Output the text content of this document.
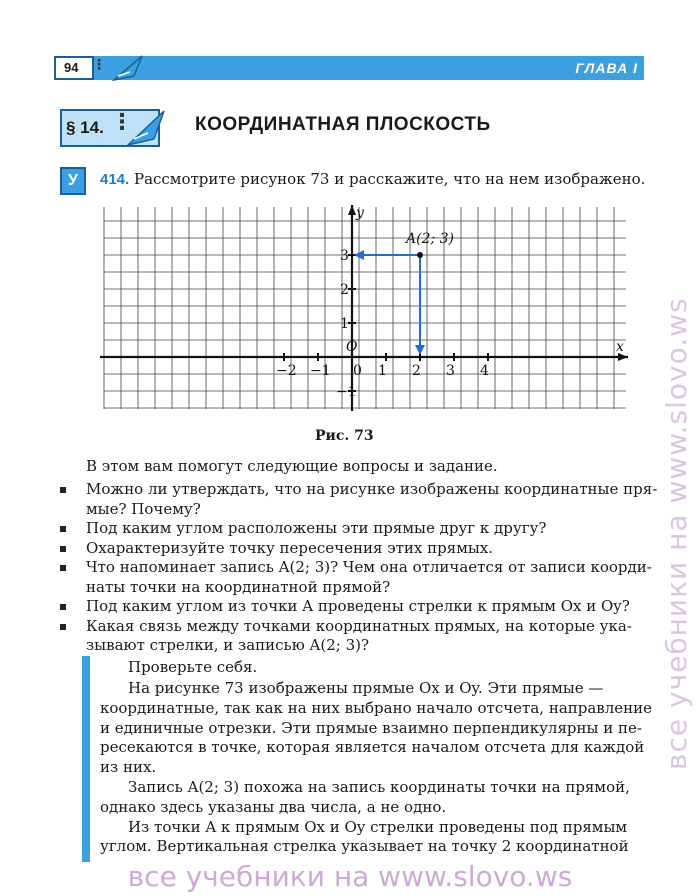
94	ГЛАВА I
⋮
§ 14. ⋮	КООРДИНАТНАЯ ПЛОСКОСТЬ
У	414. Рассмотрите рисунок 73 и расскажите, что на нем изображено.
x
y
O
−2 −1 0 1 2 3 4
3
2
1
−1
A(2; 3)
Рис. 73
В этом вам помогут следующие вопросы и задание.
Можно ли утверждать, что на рисунке изображены координатные пря-
мые? Почему?
Под каким углом расположены эти прямые друг к другу?
Охарактеризуйте точку пересечения этих прямых.
Что напоминает запись A(2; 3)? Чем она отличается от записи коорди-
наты точки на координатной прямой?
Под каким углом из точки A проведены стрелки к прямым Ox и Oy?
Какая связь между точками координатных прямых, на которые ука-
зывают стрелки, и записью A(2; 3)?
Проверьте себя.
На рисунке 73 изображены прямые Ox и Oy. Эти прямые —
координатные, так как на них выбрано начало отсчета, направление
и единичные отрезки. Эти прямые взаимно перпендикулярны и пе-
ресекаются в точке, которая является началом отсчета для каждой
из них.
Запись A(2; 3) похожа на запись координаты точки на прямой,
однако здесь указаны два числа, а не одно.
Из точки A к прямым Ox и Oy стрелки проведены под прямым
углом. Вертикальная стрелка указывает на точку 2 координатной
все учебники на www.slovo.ws
все учебники на www.slovo.ws
